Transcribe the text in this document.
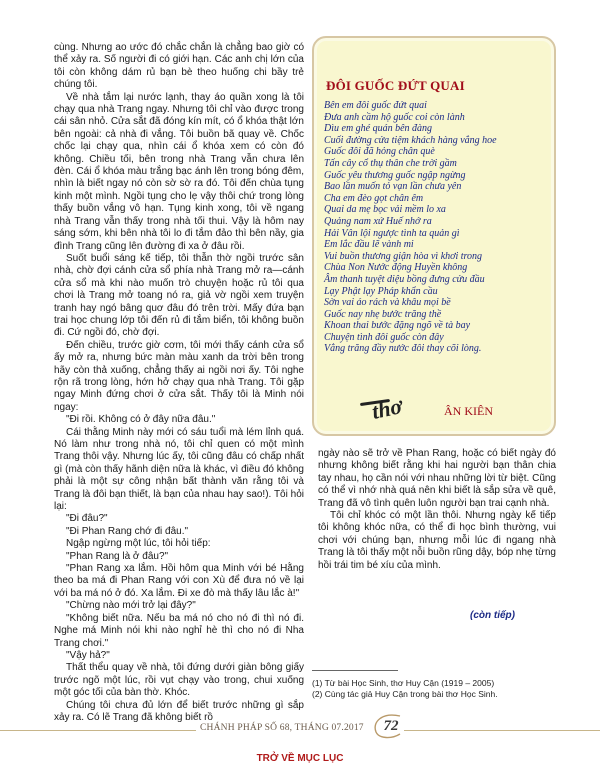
cùng. Nhưng ao ước đó chắc chắn là chẳng bao giờ có thể xảy ra. Số người đi có giới hạn. Các anh chị lớn của tôi còn không dám rủ bạn bè theo huống chi bầy trẻ chúng tôi.

Về nhà tắm lại nước lạnh, thay áo quần xong là tôi chạy qua nhà Trang ngay. Nhưng tôi chỉ vào được trong cái sân nhỏ. Cửa sắt đã đóng kín mít, có ổ khóa thật lớn bên ngoài: cả nhà đi vắng. Tôi buồn bã quay về. Chốc chốc lại chạy qua, nhìn cái ổ khóa xem có còn đó không. Chiều tối, bên trong nhà Trang vẫn chưa lên đèn. Cái ổ khóa màu trắng bạc ánh lên trong bóng đêm, nhìn là biết ngay nó còn sờ sờ ra đó. Tôi đến chùa tụng kinh một mình. Ngồi tụng cho lẹ vậy thôi chứ trong lòng thấy buồn vắng vô hạn. Tụng kinh xong, tôi về ngang nhà Trang vẫn thấy trong nhà tối thui. Vậy là hôm nay sáng sớm, khi bên nhà tôi lo đi tắm đảo thì bên nầy, gia đình Trang cũng lên đường đi xa ở đâu rồi.

Suốt buổi sáng kế tiếp, tôi thẫn thờ ngồi trước sân nhà, chờ đợi cánh cửa sổ phía nhà Trang mở ra—cánh cửa sổ mà khi nào muốn trò chuyện hoặc rủ tôi qua chơi là Trang mở toang nó ra, giả vờ ngồi xem truyện tranh hay ngó bâng quơ đâu đó trên trời. Mấy đứa bạn trai học chung lớp tôi đến rủ đi tắm biển, tôi không buồn đi. Cứ ngồi đó, chờ đợi.

Đến chiều, trước giờ cơm, tôi mới thấy cánh cửa sổ ấy mở ra, nhưng bức màn màu xanh da trời bên trong hãy còn thả xuống, chẳng thấy ai ngồi nơi ấy. Tôi nghe rộn rã trong lòng, hớn hở chạy qua nhà Trang. Tôi gặp ngay Minh đứng chơi ở cửa sắt. Thấy tôi là Minh nói ngay:

"Đi rồi. Không có ở đây nữa đâu."

Cái thằng Minh này mới có sáu tuổi mà lém lỉnh quá. Nó làm như trong nhà nó, tôi chỉ quen có một mình Trang thôi vậy. Nhưng lúc ấy, tôi cũng đâu có chấp nhất gì (mà còn thấy hãnh diện nữa là khác, vì điều đó không phải là một sự công nhận bất thành văn rằng tôi và Trang là đôi bạn thiết, là bạn của nhau hay sao!). Tôi hỏi lại:

"Đi đâu?"

"Đi Phan Rang chớ đi đâu."

Ngập ngừng một lúc, tôi hỏi tiếp:

"Phan Rang là ở đâu?"

"Phan Rang xa lắm. Hồi hôm qua Minh với bé Hằng theo ba má đi Phan Rang với con Xù để đưa nó về lại với ba má nó ở đó. Xa lắm. Đi xe đò mà thấy lâu lắc à!"

"Chừng nào mới trở lại đây?"

"Không biết nữa. Nếu ba má nó cho nó đi thì nó đi. Nghe má Minh nói khi nào nghỉ hè thì cho nó đi Nha Trang chơi."

"Vậy hả?"

Thất thểu quay về nhà, tôi đứng dưới giàn bông giấy trước ngõ một lúc, rồi vụt chạy vào trong, chui xuống một góc tối của bàn thờ. Khóc.

Chúng tôi chưa đủ lớn để biết trước những gì sắp xảy ra. Có lẽ Trang đã không biết rồ

ĐÔI GUỐC ĐỨT QUAI
Bên em đôi guốc đứt quai
Đưa anh cầm hộ guốc coi còn lành
Dìu em ghé quán bên đàng
Cuối đường cửa tiệm khách hàng vắng hoe
Guốc đôi đã hỏng chân què
Tấn cây cổ thụ thân che trời gầm
Guốc yêu thương guốc ngập ngừng
Bao lần muốn tỏ vạn lần chưa yên
Cha em đèo gọt chân êm
Quai da mẹ bọc vải mềm lo xa
Quảng nam xứ Huế nhớ ra
Hải Vân lội ngược tình ta quản gì
Em lắc đầu lẽ vành mi
Vui buồn thương giận hòa vì khơi trong
Chùa Non Nước động Huyền không
Âm thanh tuyệt diệu bồng đưng cửu đầu
Lạy Phật lạy Pháp khẩn cầu
Sờn vai áo rách và khâu mọi bề
Guốc nay nhẹ bước trăng thề
Khoan thai bước đặng ngõ về tà bay
Chuyện tình đôi guốc còn đây
Vẳng trăng đầy nước đôi thay cõi lòng.
thơ	ÂN KIÊN

ngày nào sẽ trở về Phan Rang, hoặc có biết ngày đó nhưng không biết rằng khi hai người bạn thân chia tay nhau, họ cần nói với nhau những lời từ biệt. Cũng có thể vì nhớ nhà quá nên khi biết là sắp sửa về quê, Trang đã vô tình quên luôn người bạn trai cạnh nhà.

Tôi chỉ khóc có một lần thôi. Nhưng ngày kế tiếp tôi không khóc nữa, có thể đi học bình thường, vui chơi với chúng bạn, nhưng mỗi lúc đi ngang nhà Trang là tôi thấy một nỗi buồn rũng dậy, bóp nhẹ từng hồi trái tim bé xíu của mình.

(còn tiếp)
(1) Từ bài Học Sinh, thơ Huy Cận (1919 – 2005)
(2) Cùng tác giả Huy Cận trong bài thơ Học Sinh.
CHÁNH PHÁP SỐ 68, THÁNG 07.2017	72
TRỞ VỀ MỤC LỤC
